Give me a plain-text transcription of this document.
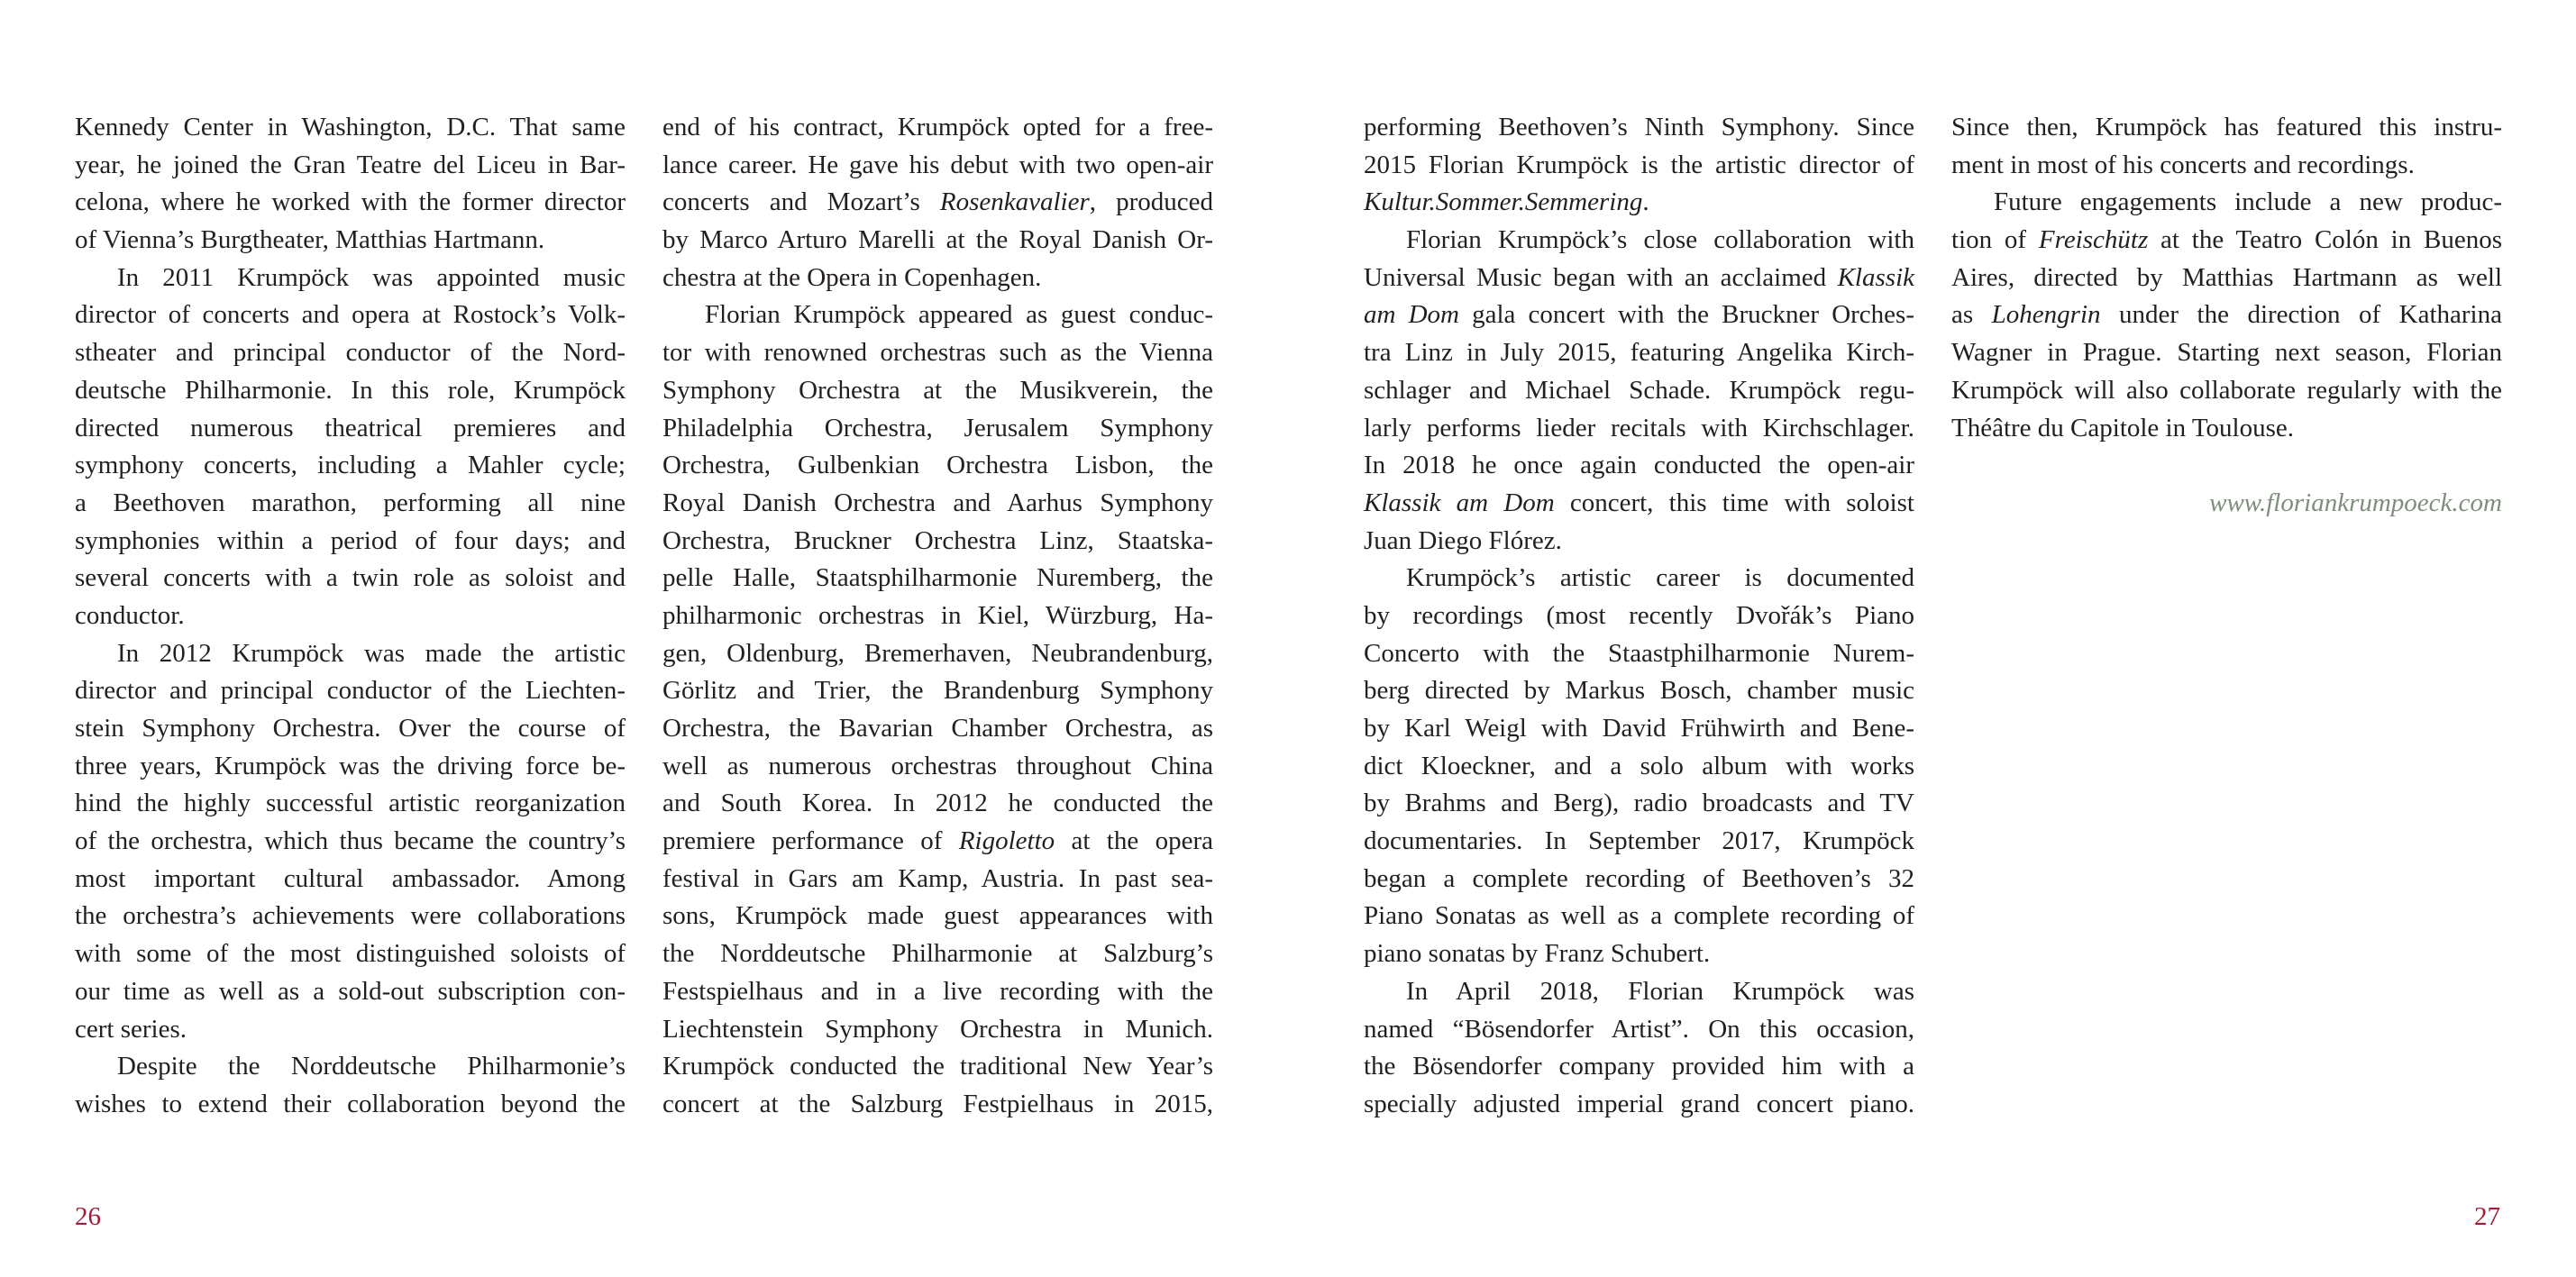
Kennedy Center in Washington, D.C. That same
year, he joined the Gran Teatre del Liceu in Bar-
celona, where he worked with the former director
of Vienna’s Burgtheater, Matthias Hartmann.
In 2011 Krumpöck was appointed music
director of concerts and opera at Rostock’s Volk-
stheater and principal conductor of the Nord-
deutsche Philharmonie. In this role, Krumpöck
directed numerous theatrical premieres and
symphony concerts, including a Mahler cycle;
a Beethoven marathon, performing all nine
symphonies within a period of four days; and
several concerts with a twin role as soloist and
conductor.
In 2012 Krumpöck was made the artistic
director and principal conductor of the Liechten-
stein Symphony Orchestra. Over the course of
three years, Krumpöck was the driving force be-
hind the highly successful artistic reorganization
of the orchestra, which thus became the country’s
most important cultural ambassador. Among
the orchestra’s achievements were collaborations
with some of the most distinguished soloists of
our time as well as a sold-out subscription con-
cert series.
Despite the Norddeutsche Philharmonie’s
wishes to extend their collaboration beyond the
end of his contract, Krumpöck opted for a free-
lance career. He gave his debut with two open-air
concerts and Mozart’s Rosenkavalier, produced
by Marco Arturo Marelli at the Royal Danish Or-
chestra at the Opera in Copenhagen.
Florian Krumpöck appeared as guest conduc-
tor with renowned orchestras such as the Vienna
Symphony Orchestra at the Musikverein, the
Philadelphia Orchestra, Jerusalem Symphony
Orchestra, Gulbenkian Orchestra Lisbon, the
Royal Danish Orchestra and Aarhus Symphony
Orchestra, Bruckner Orchestra Linz, Staatska-
pelle Halle, Staatsphilharmonie Nuremberg, the
philharmonic orchestras in Kiel, Würzburg, Ha-
gen, Oldenburg, Bremerhaven, Neubrandenburg,
Görlitz and Trier, the Brandenburg Symphony
Orchestra, the Bavarian Chamber Orchestra, as
well as numerous orchestras throughout China
and South Korea. In 2012 he conducted the
premiere performance of Rigoletto at the opera
festival in Gars am Kamp, Austria. In past sea-
sons, Krumpöck made guest appearances with
the Norddeutsche Philharmonie at Salzburg’s
Festspielhaus and in a live recording with the
Liechtenstein Symphony Orchestra in Munich.
Krumpöck conducted the traditional New Year’s
concert at the Salzburg Festpielhaus in 2015,
26
performing Beethoven’s Ninth Symphony. Since
2015 Florian Krumpöck is the artistic director of
Kultur.Sommer.Semmering.
Florian Krumpöck’s close collaboration with
Universal Music began with an acclaimed Klassik
am Dom gala concert with the Bruckner Orches-
tra Linz in July 2015, featuring Angelika Kirch-
schlager and Michael Schade. Krumpöck regu-
larly performs lieder recitals with Kirchschlager.
In 2018 he once again conducted the open-air
Klassik am Dom concert, this time with soloist
Juan Diego Flórez.
Krumpöck’s artistic career is documented
by recordings (most recently Dvořák’s Piano
Concerto with the Staastphilharmonie Nurem-
berg directed by Markus Bosch, chamber music
by Karl Weigl with David Frühwirth and Bene-
dict Kloeckner, and a solo album with works
by Brahms and Berg), radio broadcasts and TV
documentaries. In September 2017, Krumpöck
began a complete recording of Beethoven’s 32
Piano Sonatas as well as a complete recording of
piano sonatas by Franz Schubert.
In April 2018, Florian Krumpöck was
named “Bösendorfer Artist”. On this occasion,
the Bösendorfer company provided him with a
specially adjusted imperial grand concert piano.
Since then, Krumpöck has featured this instru-
ment in most of his concerts and recordings.
Future engagements include a new produc-
tion of Freischütz at the Teatro Colón in Buenos
Aires, directed by Matthias Hartmann as well
as Lohengrin under the direction of Katharina
Wagner in Prague. Starting next season, Florian
Krumpöck will also collaborate regularly with the
Théâtre du Capitole in Toulouse.
www.floriankrumpoeck.com
27
